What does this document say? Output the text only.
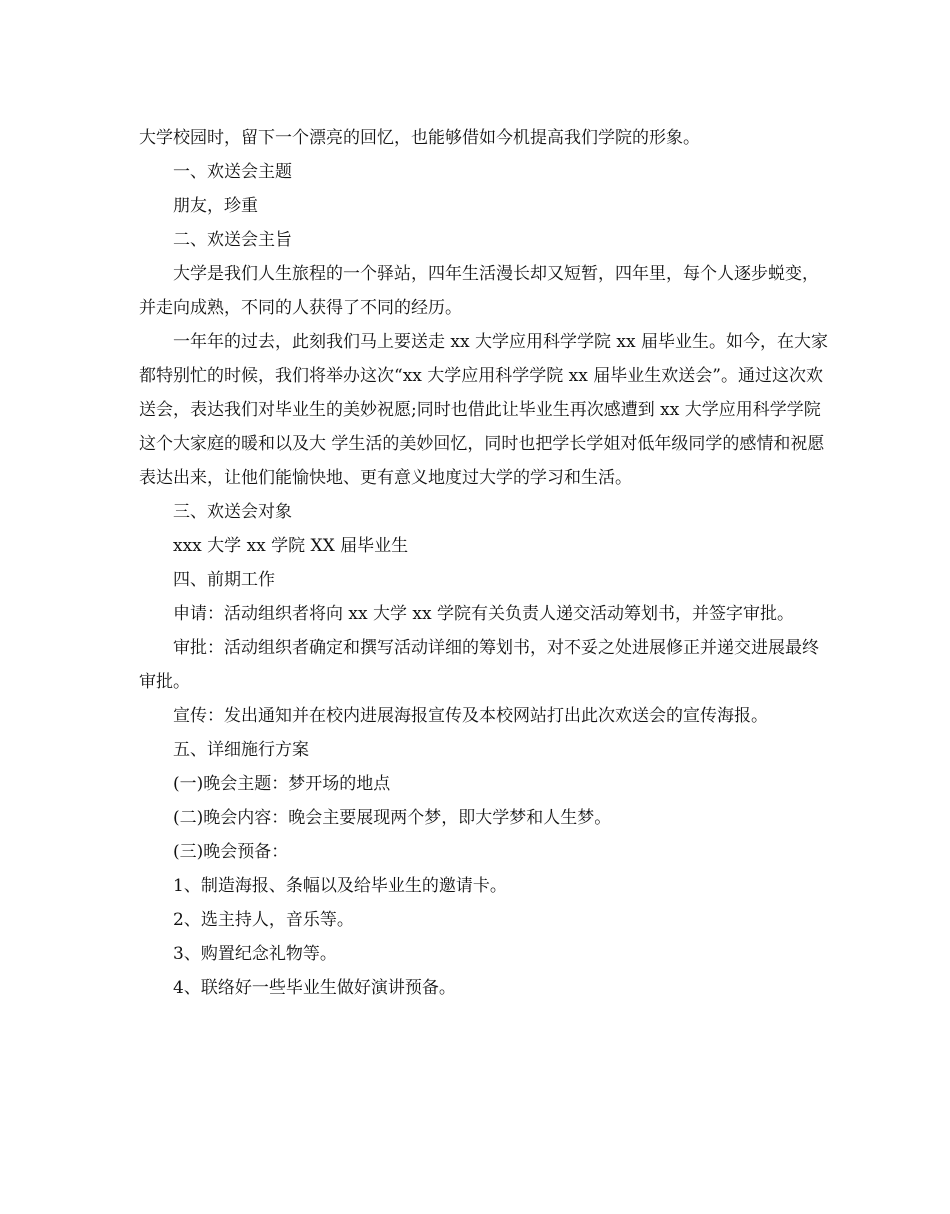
大学校园时，留下一个漂亮的回忆，也能够借如今机提高我们学院的形象。

一、欢送会主题

朋友，珍重

二、欢送会主旨

大学是我们人生旅程的一个驿站，四年生活漫长却又短暂，四年里，每个人逐步蜕变，并走向成熟，不同的人获得了不同的经历。

一年年的过去，此刻我们马上要送走 xx 大学应用科学学院 xx 届毕业生。如今，在大家都特别忙的时候，我们将举办这次“xx 大学应用科学学院 xx 届毕业生欢送会”。通过这次欢送会，表达我们对毕业生的美妙祝愿;同时也借此让毕业生再次感遭到 xx 大学应用科学学院这个大家庭的暖和以及大 学生活的美妙回忆，同时也把学长学姐对低年级同学的感情和祝愿表达出来，让他们能愉快地、更有意义地度过大学的学习和生活。

三、欢送会对象

xxx 大学 xx 学院 XX 届毕业生

四、前期工作

申请：活动组织者将向 xx 大学 xx 学院有关负责人递交活动筹划书，并签字审批。

审批：活动组织者确定和撰写活动详细的筹划书，对不妥之处进展修正并递交进展最终审批。

宣传：发出通知并在校内进展海报宣传及本校网站打出此次欢送会的宣传海报。

五、详细施行方案

(一)晚会主题：梦开场的地点

(二)晚会内容：晚会主要展现两个梦，即大学梦和人生梦。

(三)晚会预备：

1、制造海报、条幅以及给毕业生的邀请卡。

2、选主持人，音乐等。

3、购置纪念礼物等。

4、联络好一些毕业生做好演讲预备。
